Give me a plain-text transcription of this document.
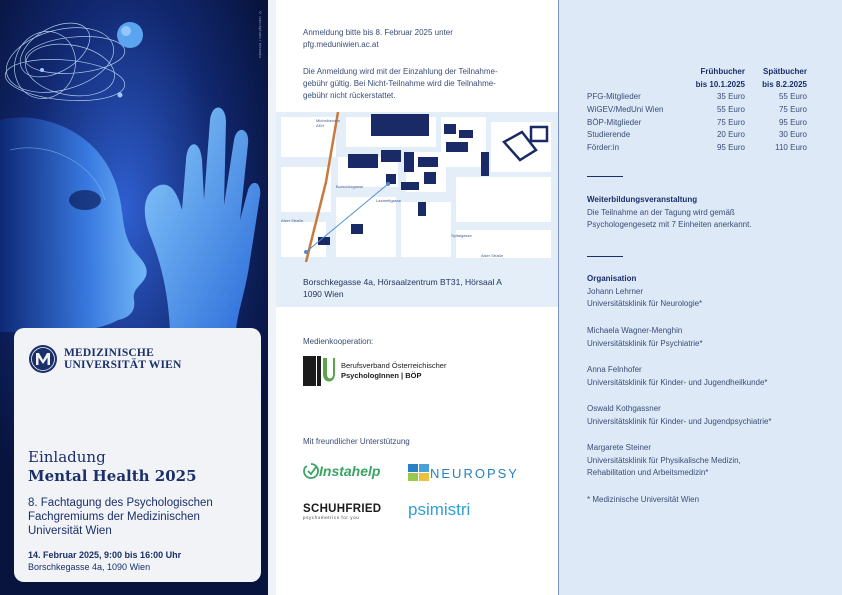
© istockphoto / elenabs
MEDIZINISCHE
UNIVERSITÄT WIEN
Einladung
Mental Health 2025
8. Fachtagung des Psychologischen
Fachgremiums der Medizinischen
Universität Wien
14. Februar 2025, 9:00 bis 16:00 Uhr
Borschkegasse 4a, 1090 Wien
Anmeldung bitte bis 8. Februar 2025 unter
pfg.meduniwien.ac.at
Die Anmeldung wird mit der Einzahlung der Teilnahme-
gebühr gültig. Bei Nicht-Teilnahme wird die Teilnahme-
gebühr nicht rückerstattet.
Alser Straße
Michelbeuern
AKH
Borschkegasse
Lazarettgasse
Alser Straße
Spitalgasse
Borschkegasse 4a, Hörsaalzentrum BT31, Hörsaal A
1090 Wien
Medienkooperation:
Berufsverband Österreichischer
PsychologInnen | BÖP
Mit freundlicher Unterstützung
Instahelp	NEUROPSY
SCHUHFRIED
psychometrics for you	psimistri
	Frühbucher	Spätbucher
	bis 10.1.2025	bis 8.2.2025
PFG-Mitglieder	35 Euro	55 Euro
WiGEV/MedUni Wien	55 Euro	75 Euro
BÖP-Mitglieder	75 Euro	95 Euro
Studierende	20 Euro	30 Euro
Förder:in	95 Euro	110 Euro
Weiterbildungsveranstaltung
Die Teilnahme an der Tagung wird gemäß
Psychologengesetz mit 7 Einheiten anerkannt.
Organisation
Johann Lehrner
Universitätsklinik für Neurologie*
Michaela Wagner-Menghin
Universitätsklinik für Psychiatrie*
Anna Felnhofer
Universitätsklinik für Kinder- und Jugendheilkunde*
Oswald Kothgassner
Universitätsklinik für Kinder- und Jugendpsychiatrie*
Margarete Steiner
Universitätsklinik für Physikalische Medizin,
Rehabilitation und Arbeitsmedizin*
* Medizinische Universität Wien
